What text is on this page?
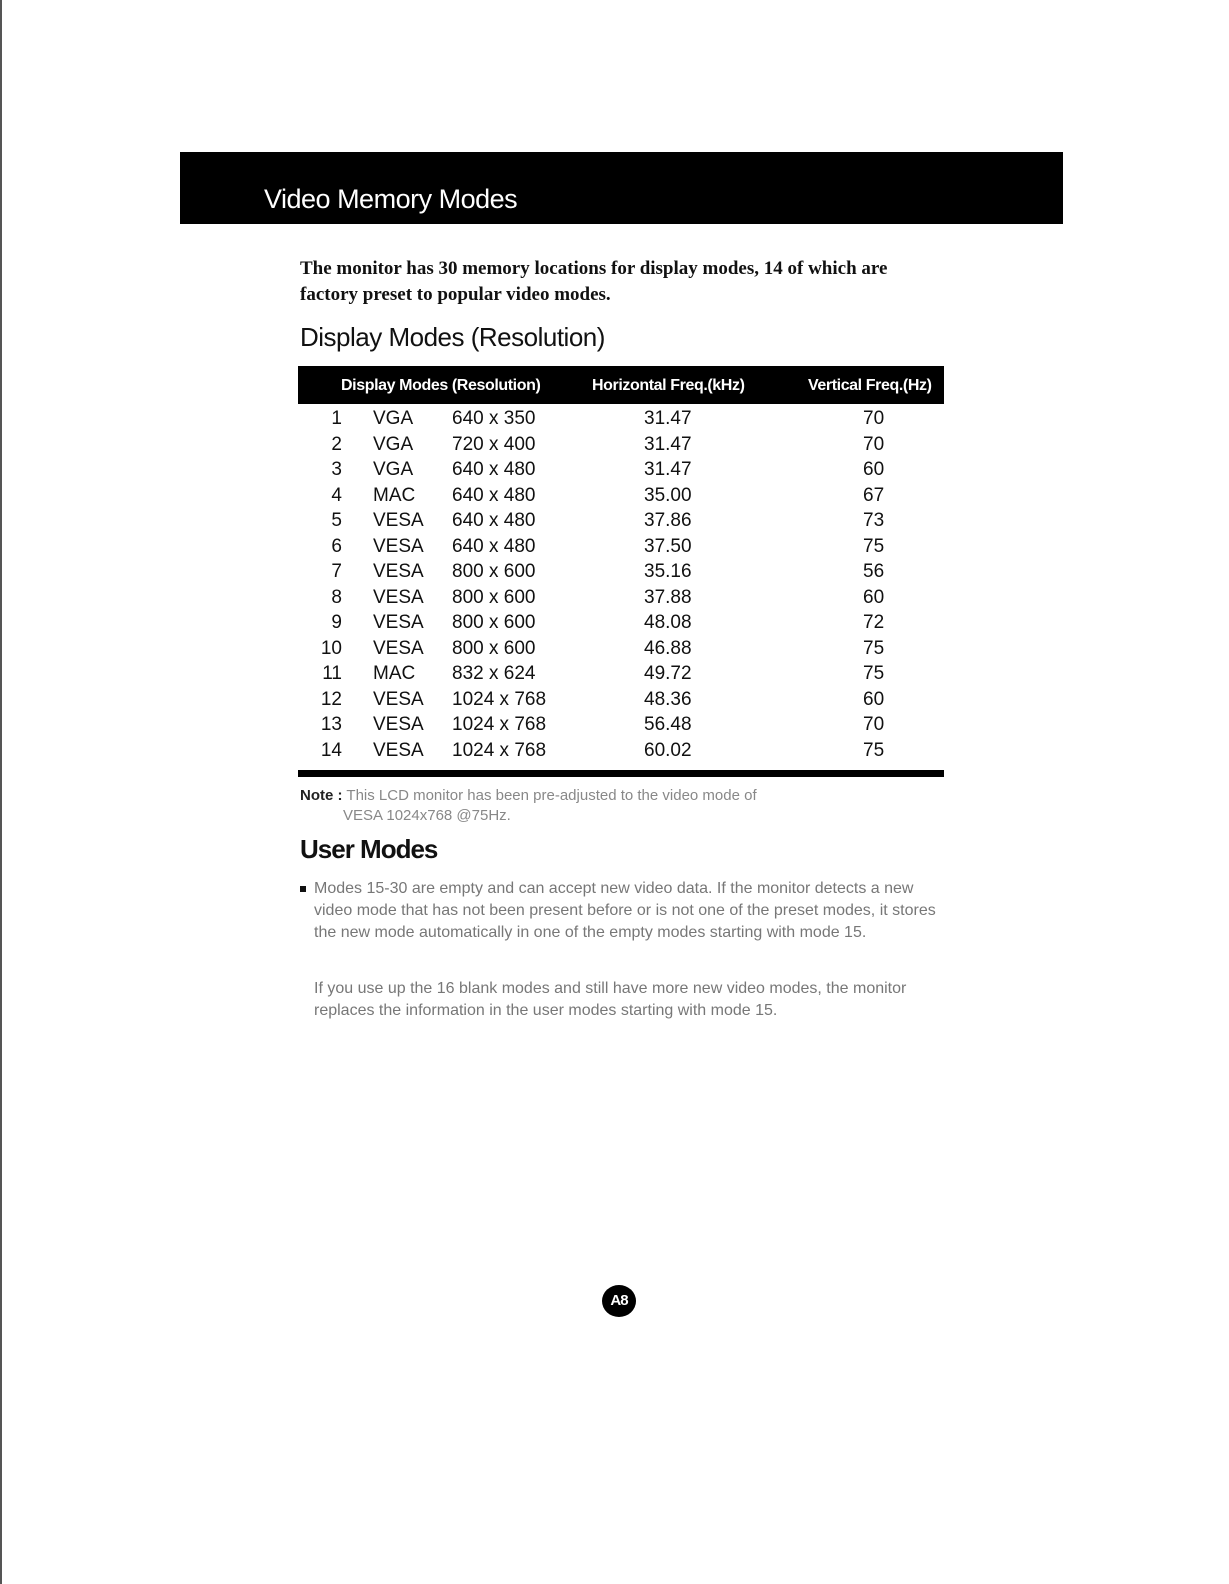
Video Memory Modes
The monitor has 30 memory locations for display modes, 14 of which are factory preset to popular video modes.
Display Modes (Resolution)
Display Modes (Resolution)	Horizontal Freq.(kHz)	Vertical Freq.(Hz)
1 VGA 640 x 350	31.47	70
2 VGA 720 x 400	31.47	70
3 VGA 640 x 480	31.47	60
4 MAC 640 x 480	35.00	67
5 VESA 640 x 480	37.86	73
6 VESA 640 x 480	37.50	75
7 VESA 800 x 600	35.16	56
8 VESA 800 x 600	37.88	60
9 VESA 800 x 600	48.08	72
10 VESA 800 x 600	46.88	75
11 MAC 832 x 624	49.72	75
12 VESA 1024 x 768	48.36	60
13 VESA 1024 x 768	56.48	70
14 VESA 1024 x 768	60.02	75
Note : This LCD monitor has been pre-adjusted to the video mode of
VESA 1024x768 @75Hz.
User Modes
Modes 15-30 are empty and can accept new video data. If the monitor detects a new video mode that has not been present before or is not one of the preset modes, it stores the new mode automatically in one of the empty modes starting with mode 15.
If you use up the 16 blank modes and still have more new video modes, the monitor replaces the information in the user modes starting with mode 15.
A8
